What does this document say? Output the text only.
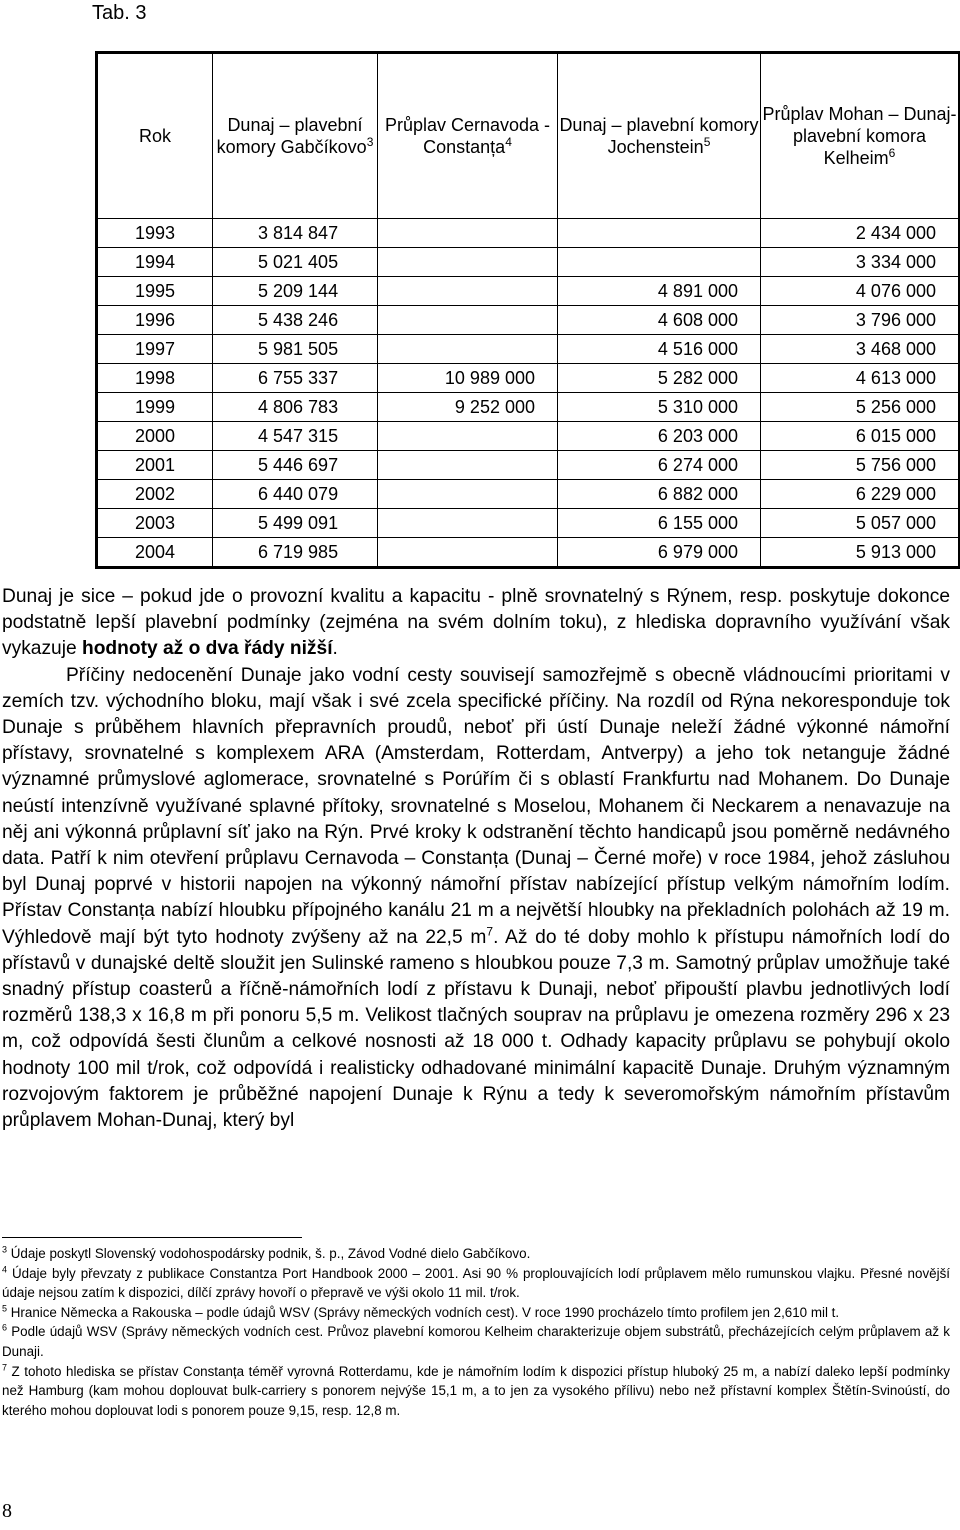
Tab. 3
Rok	Dunaj – plavební komory Gabčíkovo$^3$	Průplav Cernavoda - Constanța$^4$	Dunaj – plavební komory Jochenstein$^5$	Průplav Mohan – Dunaj- plavební komora Kelheim$^6$
1993	3 814 847			2 434 000
1994	5 021 405			3 334 000
1995	5 209 144		4 891 000	4 076 000
1996	5 438 246		4 608 000	3 796 000
1997	5 981 505		4 516 000	3 468 000
1998	6 755 337	10 989 000	5 282 000	4 613 000
1999	4 806 783	9 252 000	5 310 000	5 256 000
2000	4 547 315		6 203 000	6 015 000
2001	5 446 697		6 274 000	5 756 000
2002	6 440 079		6 882 000	6 229 000
2003	5 499 091		6 155 000	5 057 000
2004	6 719 985		6 979 000	5 913 000

Dunaj je sice – pokud jde o provozní kvalitu a kapacitu - plně srovnatelný s Rýnem, resp. poskytuje dokonce podstatně lepší plavební podmínky (zejména na svém dolním toku), z hlediska dopravního využívání však vykazuje hodnoty až o dva řády nižší.

Příčiny nedocenění Dunaje jako vodní cesty souvisejí samozřejmě s obecně vládnoucími prioritami v zemích tzv. východního bloku, mají však i své zcela specifické příčiny. Na rozdíl od Rýna nekoresponduje tok Dunaje s průběhem hlavních přepravních proudů, neboť při ústí Dunaje neleží žádné výkonné námořní přístavy, srovnatelné s komplexem ARA (Amsterdam, Rotterdam, Antverpy) a jeho tok netanguje žádné významné průmyslové aglomerace, srovnatelné s Porúřím či s oblastí Frankfurtu nad Mohanem. Do Dunaje neústí intenzívně využívané splavné přítoky, srovnatelné s Moselou, Mohanem či Neckarem a nenavazuje na něj ani výkonná průplavní síť jako na Rýn. Prvé kroky k odstranění těchto handicapů jsou poměrně nedávného data. Patří k nim otevření průplavu Cernavoda – Constanța (Dunaj – Černé moře) v roce 1984, jehož zásluhou byl Dunaj poprvé v historii napojen na výkonný námořní přístav nabízející přístup velkým námořním lodím. Přístav Constanța nabízí hloubku přípojného kanálu 21 m a největší hloubky na překladních polohách až 19 m. Výhledově mají být tyto hodnoty zvýšeny až na 22,5 $m^7$. Až do té doby mohlo k přístupu námořních lodí do přístavů v dunajské deltě sloužit jen Sulinské rameno s hloubkou pouze 7,3 m. Samotný průplav umožňuje také snadný přístup coasterů a říčně-námořních lodí z přístavu k Dunaji, neboť připouští plavbu jednotlivých lodí rozměrů 138,3 x 16,8 m při ponoru 5,5 m. Velikost tlačných souprav na průplavu je omezena rozměry 296 x 23 m, což odpovídá šesti člunům a celkové nosnosti až 18 000 t. Odhady kapacity průplavu se pohybují okolo hodnoty 100 mil t/rok, což odpovídá i realisticky odhadované minimální kapacitě Dunaje. Druhým významným rozvojovým faktorem je průběžné napojení Dunaje k Rýnu a tedy k severomořským námořním přístavům průplavem Mohan-Dunaj, který byl

$^3$ Údaje poskytl Slovenský vodohospodársky podnik, š. p., Závod Vodné dielo Gabčíkovo.

$^4$ Údaje byly převzaty z publikace Constantza Port Handbook 2000 – 2001. Asi 90 % proplouvajících lodí průplavem mělo rumunskou vlajku. Přesné novější údaje nejsou zatím k dispozici, dílčí zprávy hovoří o přepravě ve výši okolo 11 mil. t/rok.

$^5$ Hranice Německa a Rakouska – podle údajů WSV (Správy německých vodních cest). V roce 1990 procházelo tímto profilem jen 2,610 mil t.

$^6$ Podle údajů WSV (Správy německých vodních cest. Průvoz plavební komorou Kelheim charakterizuje objem substrátů, přecházejících celým průplavem až k Dunaji.

$^7$ Z tohoto hlediska se přístav Constanța téměř vyrovná Rotterdamu, kde je námořním lodím k dispozici přístup hluboký 25 m, a nabízí daleko lepší podmínky než Hamburg (kam mohou doplouvat bulk-carriery s ponorem nejvýše 15,1 m, a to jen za vysokého přílivu) nebo než přístavní komplex Štětín-Svinoústí, do kterého mohou doplouvat lodi s ponorem pouze 9,15, resp. 12,8 m.

8
